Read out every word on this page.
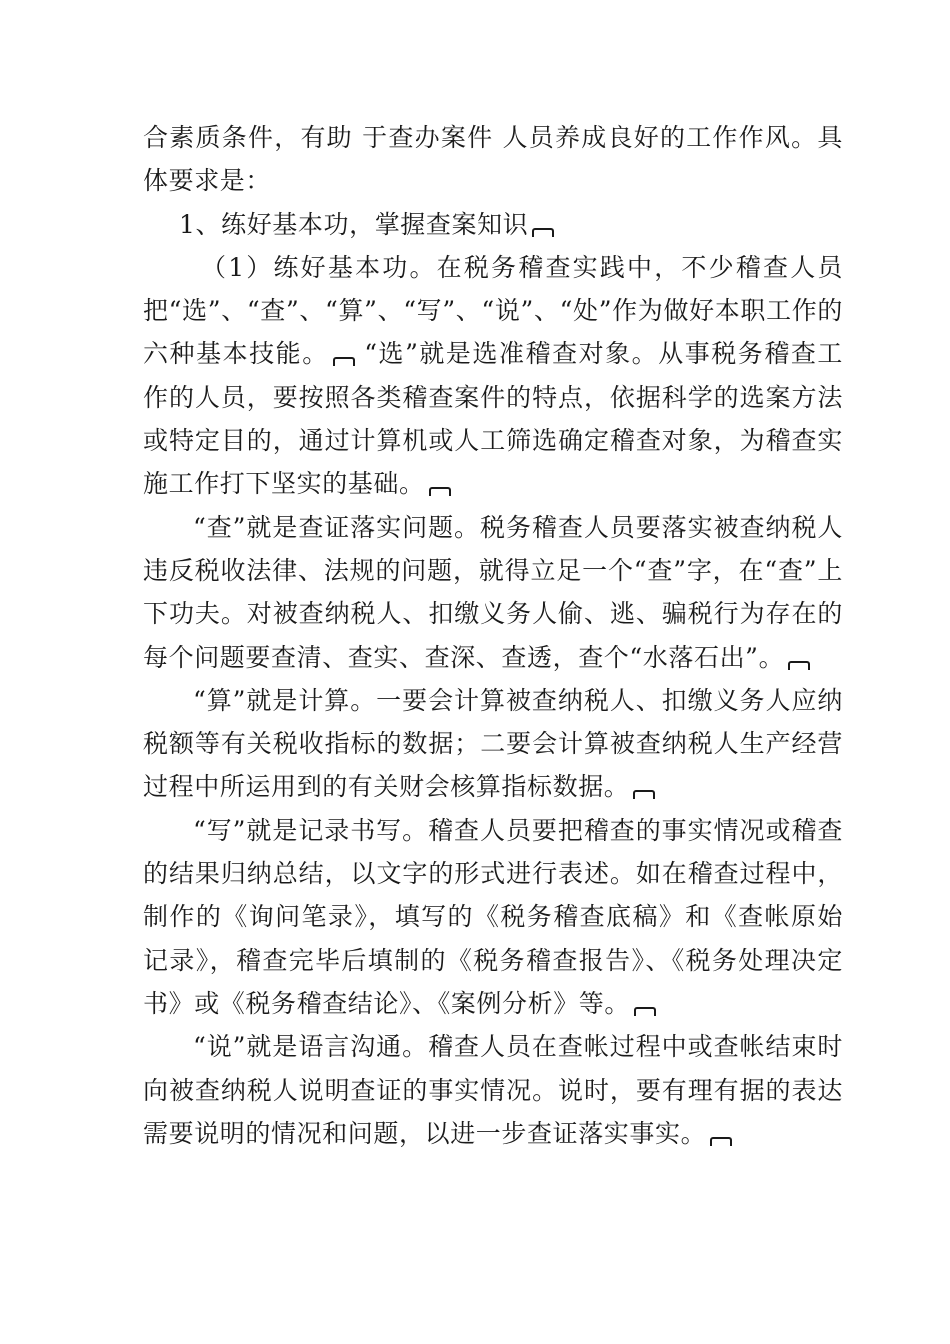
合素质条件，有助 于查办案件 人员养成良好的工作作风。具体要求是：

1、练好基本功，掌握查案知识

（1）练好基本功。在税务稽查实践中，不少稽查人员把“选”、“查”、“算”、“写”、“说”、“处”作为做好本职工作的六种基本技能。 “选”就是选准稽查对象。从事税务稽查工作的人员，要按照各类稽查案件的特点，依据科学的选案方法或特定目的，通过计算机或人工筛选确定稽查对象，为稽查实施工作打下坚实的基础。

“查”就是查证落实问题。税务稽查人员要落实被查纳税人违反税收法律、法规的问题，就得立足一个“查”字，在“查”上下功夫。对被查纳税人、扣缴义务人偷、逃、骗税行为存在的每个问题要查清、查实、查深、查透，查个“水落石出”。

“算”就是计算。一要会计算被查纳税人、扣缴义务人应纳税额等有关税收指标的数据；二要会计算被查纳税人生产经营过程中所运用到的有关财会核算指标数据。

“写”就是记录书写。稽查人员要把稽查的事实情况或稽查的结果归纳总结，以文字的形式进行表述。如在稽查过程中，制作的《询问笔录》，填写的《税务稽查底稿》和《查帐原始记录》，稽查完毕后填制的《税务稽查报告》、《税务处理决定书》或《税务稽查结论》、《案例分析》等。

“说”就是语言沟通。稽查人员在查帐过程中或查帐结束时向被查纳税人说明查证的事实情况。说时，要有理有据的表达需要说明的情况和问题，以进一步查证落实事实。
